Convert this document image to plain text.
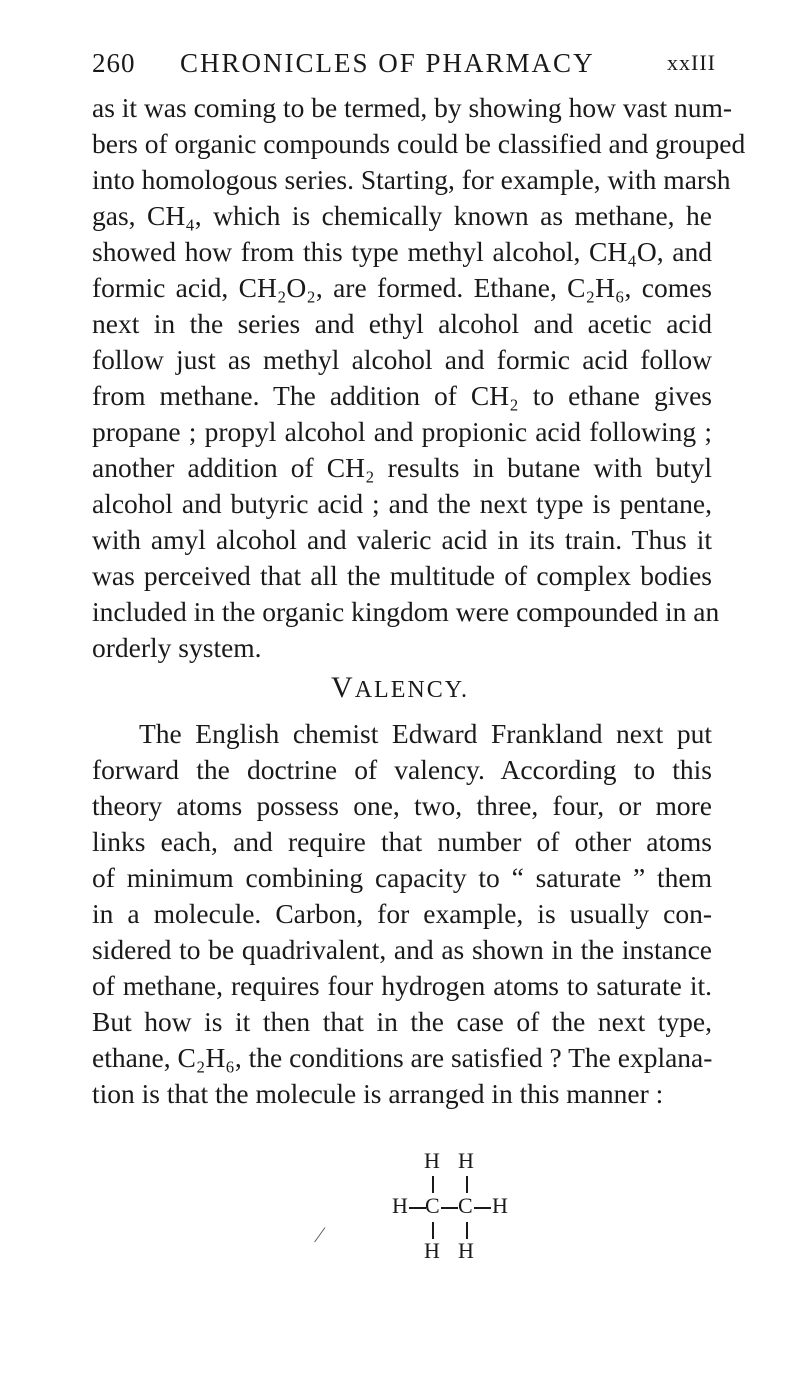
260 CHRONICLES OF PHARMACY	xxIII
as it was coming to be termed, by showing how vast num-
bers of organic compounds could be classified and grouped
into homologous series. Starting, for example, with marsh
gas, CH₄, which is chemically known as methane, he
showed how from this type methyl alcohol, CH₄O, and
formic acid, CH₂O₂, are formed. Ethane, C₂H₆, comes
next in the series and ethyl alcohol and acetic acid
follow just as methyl alcohol and formic acid follow
from methane. The addition of CH₂ to ethane gives
propane ; propyl alcohol and propionic acid following ;
another addition of CH₂ results in butane with butyl
alcohol and butyric acid ; and the next type is pentane,
with amyl alcohol and valeric acid in its train. Thus it
was perceived that all the multitude of complex bodies
included in the organic kingdom were compounded in an
orderly system.
VALENCY.
The English chemist Edward Frankland next put
forward the doctrine of valency. According to this
theory atoms possess one, two, three, four, or more
links each, and require that number of other atoms
of minimum combining capacity to “ saturate ” them
in a molecule. Carbon, for example, is usually con-
sidered to be quadrivalent, and as shown in the instance
of methane, requires four hydrogen atoms to saturate it.
But how is it then that in the case of the next type,
ethane, C₂H₆, the conditions are satisfied ? The explana-
tion is that the molecule is arranged in this manner :
H H
H C C H
H H
⁄
